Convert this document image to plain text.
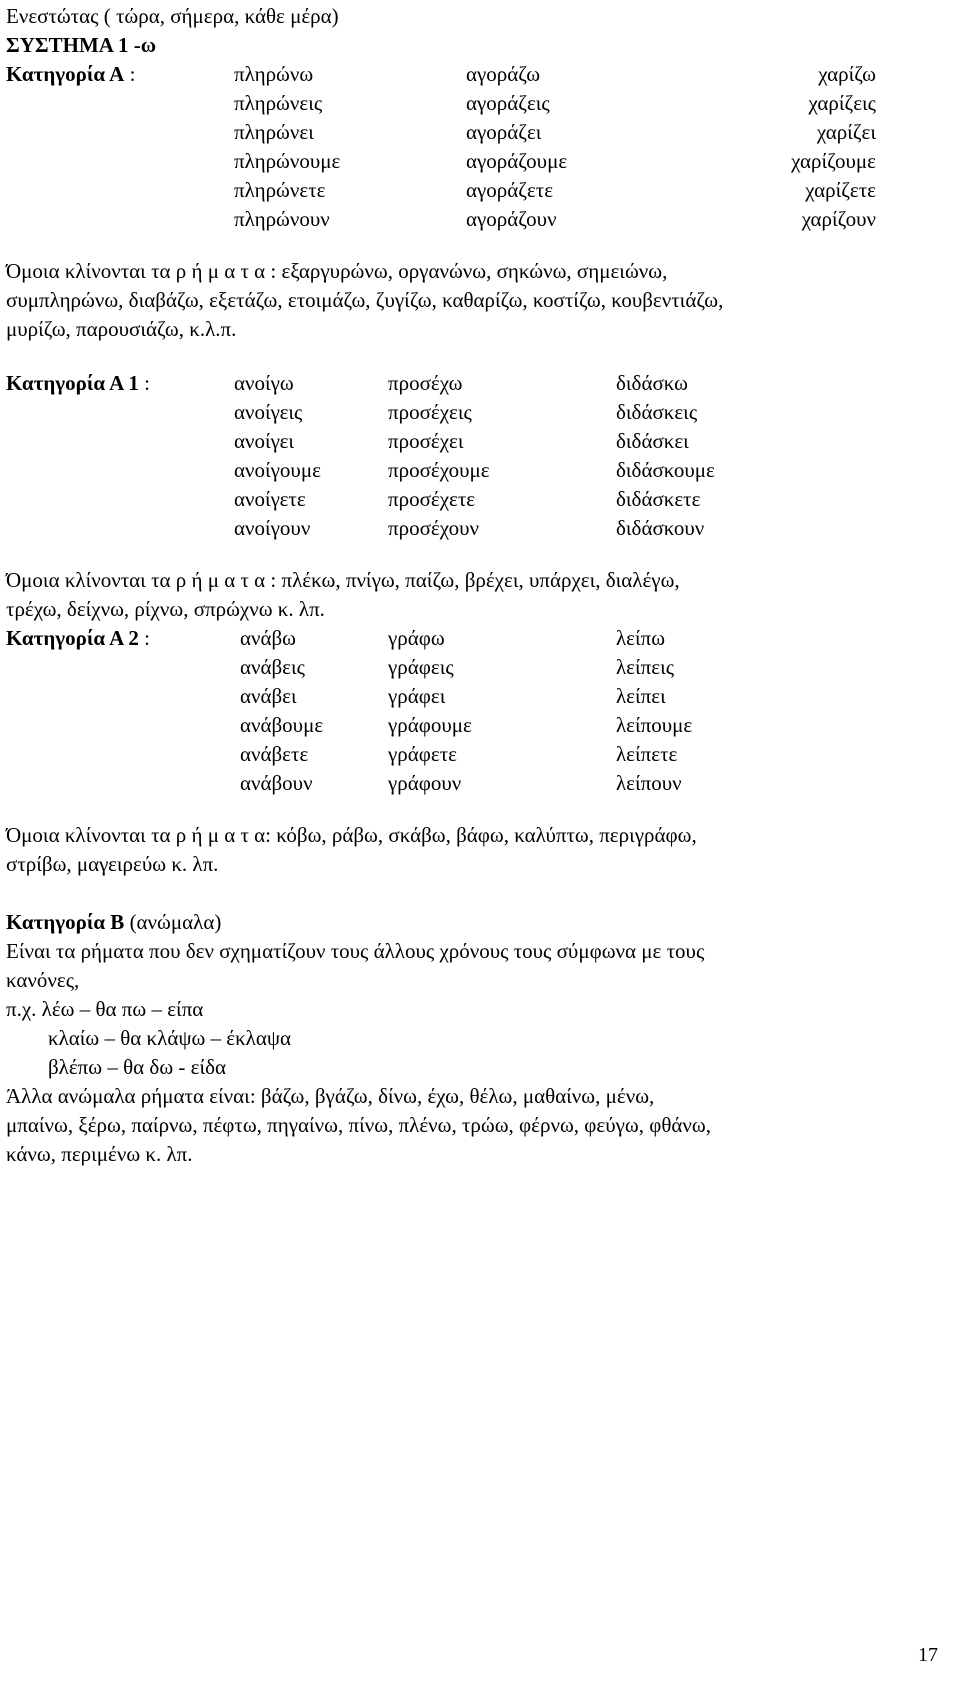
Ενεστώτας ( τώρα, σήμερα, κάθε μέρα)
ΣΥΣΤΗΜΑ 1 -ω
Κατηγορία Α :	πληρώνω	αγοράζω	χαρίζω
πληρώνεις	αγοράζεις	χαρίζεις
πληρώνει	αγοράζει	χαρίζει
πληρώνουμε	αγοράζουμε	χαρίζουμε
πληρώνετε	αγοράζετε	χαρίζετε
πληρώνουν	αγοράζουν	χαρίζουν
Όμοια κλίνονται τα ρ ή μ α τ α : εξαργυρώνω, οργανώνω, σηκώνω, σημειώνω,
συμπληρώνω, διαβάζω, εξετάζω, ετοιμάζω, ζυγίζω, καθαρίζω, κοστίζω, κουβεντιάζω,
μυρίζω, παρουσιάζω, κ.λ.π.
Κατηγορία Α 1 :	ανοίγω	προσέχω	διδάσκω
ανοίγεις	προσέχεις	διδάσκεις
ανοίγει	προσέχει	διδάσκει
ανοίγουμε	προσέχουμε	διδάσκουμε
ανοίγετε	προσέχετε	διδάσκετε
ανοίγουν	προσέχουν	διδάσκουν
Όμοια κλίνονται τα ρ ή μ α τ α : πλέκω, πνίγω, παίζω, βρέχει, υπάρχει, διαλέγω,
τρέχω, δείχνω, ρίχνω, σπρώχνω κ. λπ.
Κατηγορία Α 2 :	ανάβω	γράφω	λείπω
ανάβεις	γράφεις	λείπεις
ανάβει	γράφει	λείπει
ανάβουμε	γράφουμε	λείπουμε
ανάβετε	γράφετε	λείπετε
ανάβουν	γράφουν	λείπουν
Όμοια κλίνονται τα ρ ή μ α τ α: κόβω, ράβω, σκάβω, βάφω, καλύπτω, περιγράφω,
στρίβω, μαγειρεύω κ. λπ.
Κατηγορία Β (ανώμαλα)
Είναι τα ρήματα που δεν σχηματίζουν τους άλλους χρόνους τους σύμφωνα με τους
κανόνες,
π.χ. λέω – θα πω – είπα
κλαίω – θα κλάψω – έκλαψα
βλέπω – θα δω - είδα
Άλλα ανώμαλα ρήματα είναι: βάζω, βγάζω, δίνω, έχω, θέλω, μαθαίνω, μένω,
μπαίνω, ξέρω, παίρνω, πέφτω, πηγαίνω, πίνω, πλένω, τρώω, φέρνω, φεύγω, φθάνω,
κάνω, περιμένω κ. λπ.
17
